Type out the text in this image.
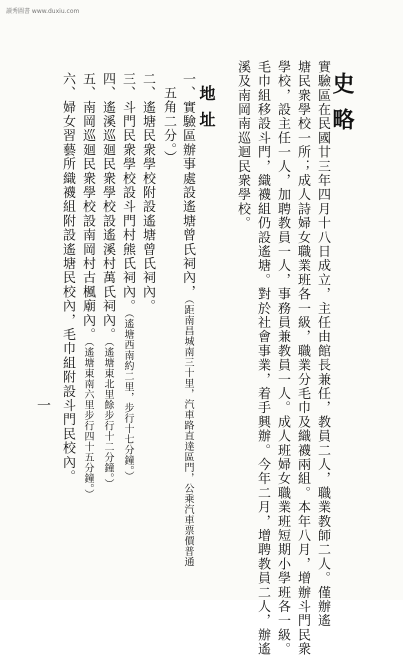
讀秀圖書 www.duxiu.com
史略
實驗區在民國廿三年四月十八日成立，主任由館長兼任，教員二人，職業教師二人。僅辦遙
塘民衆學校一所；成人詩婦女職業班各一級，職業分毛巾及織襪兩組。本年八月，增辦斗門民衆
學校，設主任一人，加聘教員一人，事務員兼教員一人。成人班婦女職業班短期小學班各一級。
毛巾組移設斗門，織襪組仍設遙塘。對於社會事業，着手興辦。今年二月，增聘教員二人，辦遙
溪及南岡南巡迴民衆學校。
地址
一、實驗區辦事處設遙塘曾氏祠內，（距南昌城南三十里，汽車路直達區門，公乘汽車票價普通
五角二分。）
二、遙塘民衆學校附設遙塘曾氏祠內。
三、斗門民衆學校設斗門村熊氏祠內。（遙塘西南約二里，步行十七分鐘。）
四、遙溪巡廻民衆學校設遙溪村萬氏祠內。（遙塘東北里餘步行十二分鐘。）
五、南岡巡廻民衆學校設南岡村古楓廟內。（遙塘東南六里步行四十五分鐘。）
六、婦女習藝所織襪組附設遙塘民校內，毛巾組附設斗門民校內。
一
